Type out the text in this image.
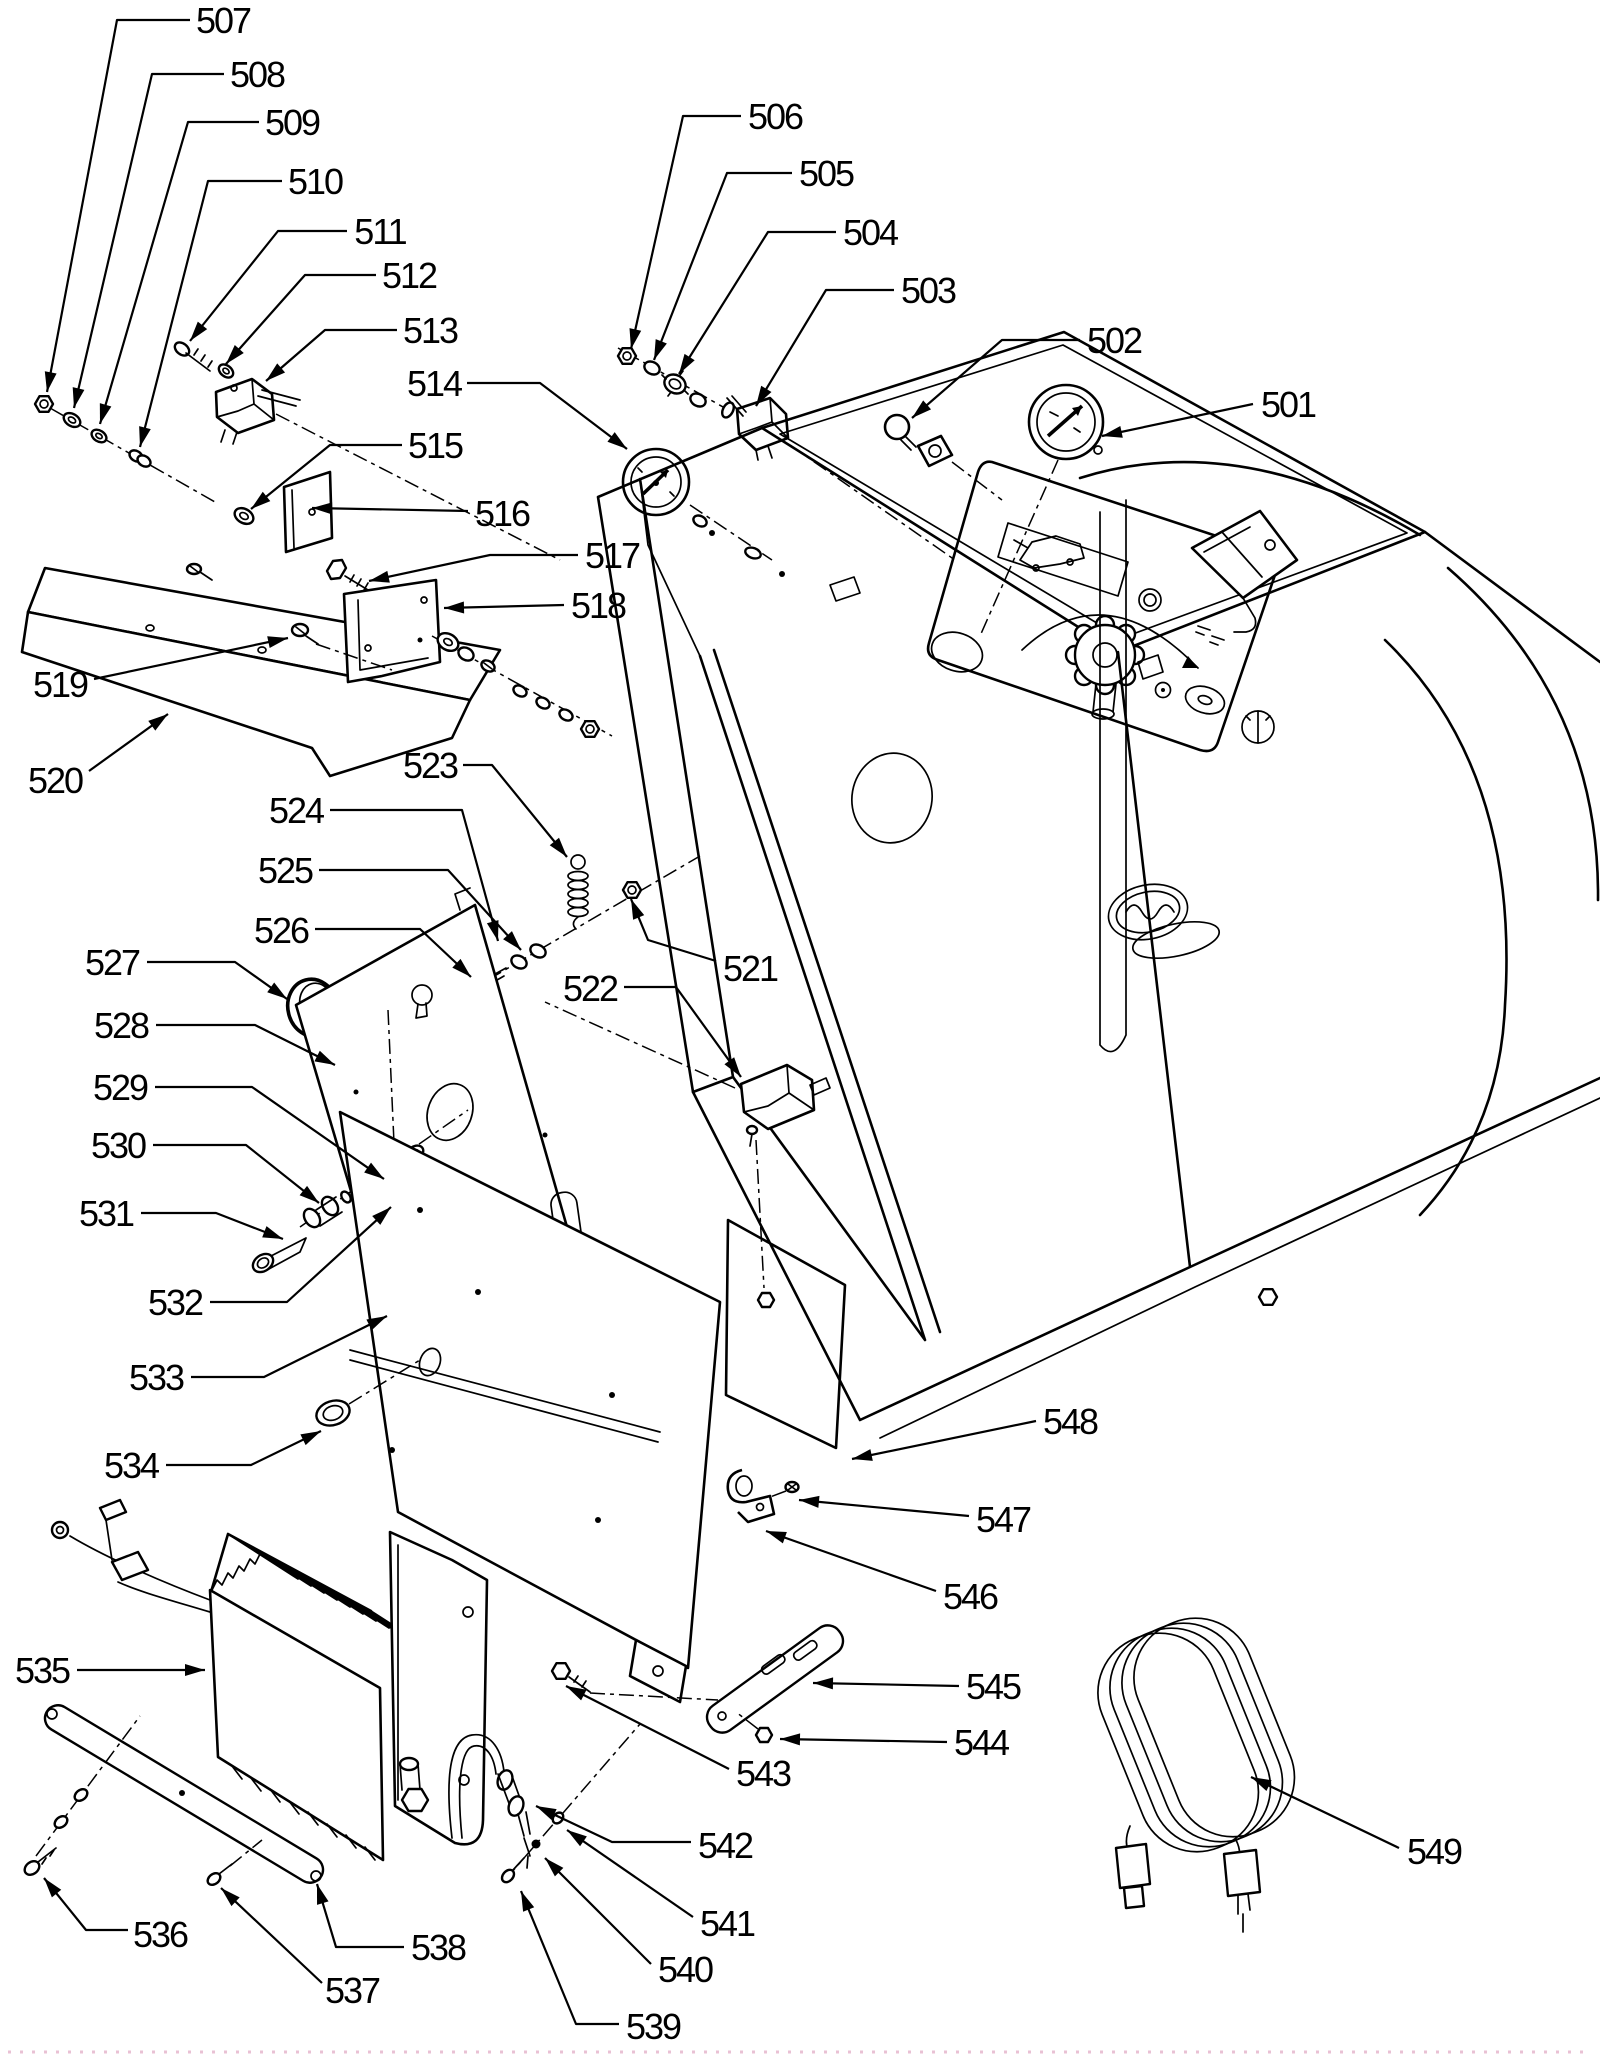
501
502
503
504
505
506
507
508
509
510
511
512
513
514
515
516
517
518
519
520
521
522
523
524
525
526
527
528
529
530
531
532
533
534
535
536
537
538
539
540
541
542
543
544
545
546
547
548
549
